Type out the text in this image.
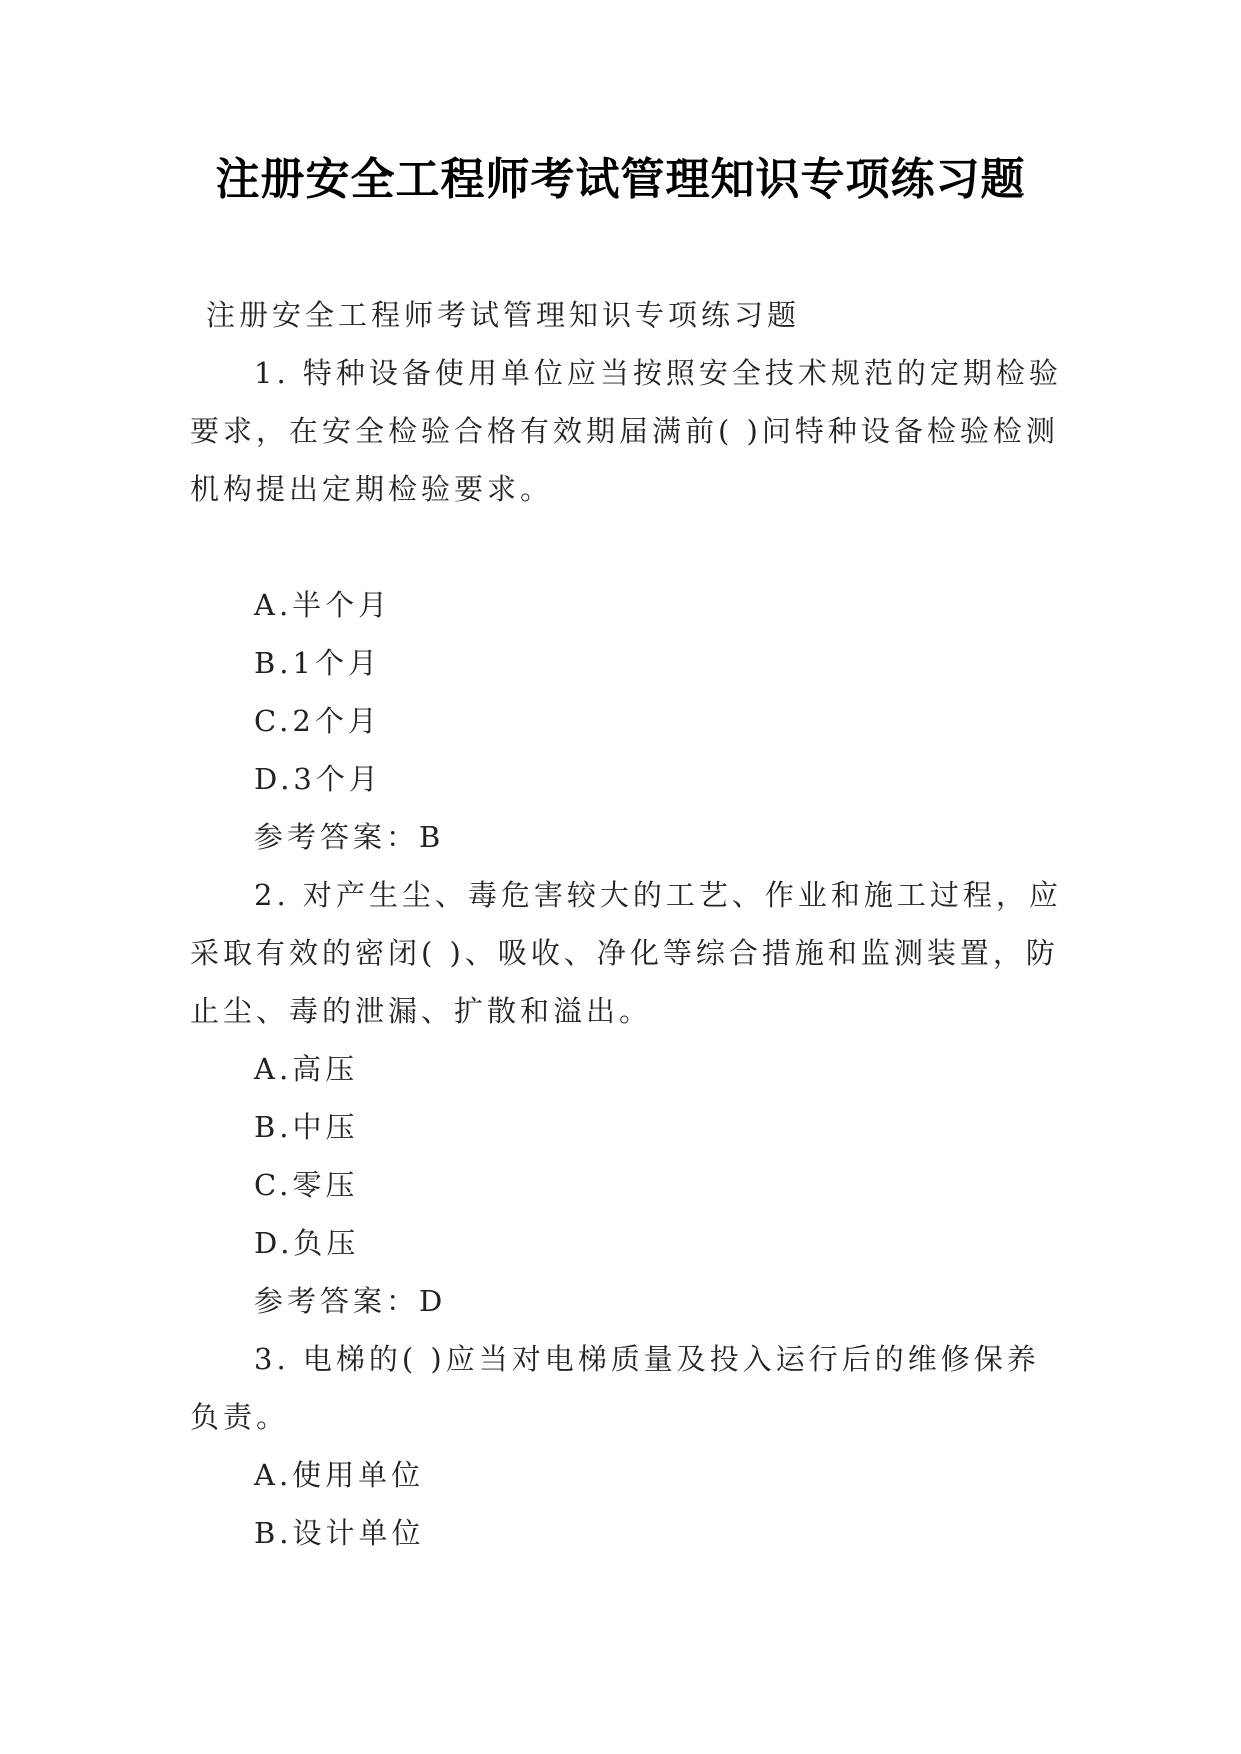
注册安全工程师考试管理知识专项练习题

注册安全工程师考试管理知识专项练习题

1. 特种设备使用单位应当按照安全技术规范的定期检验要求，在安全检验合格有效期届满前( )问特种设备检验检测机构提出定期检验要求。

A.半个月

B.1个月

C.2个月

D.3个月

参考答案：B

2. 对产生尘、毒危害较大的工艺、作业和施工过程，应采取有效的密闭( )、吸收、净化等综合措施和监测装置，防止尘、毒的泄漏、扩散和溢出。

A.高压

B.中压

C.零压

D.负压

参考答案：D

3. 电梯的( )应当对电梯质量及投入运行后的维修保养负责。

A.使用单位

B.设计单位
